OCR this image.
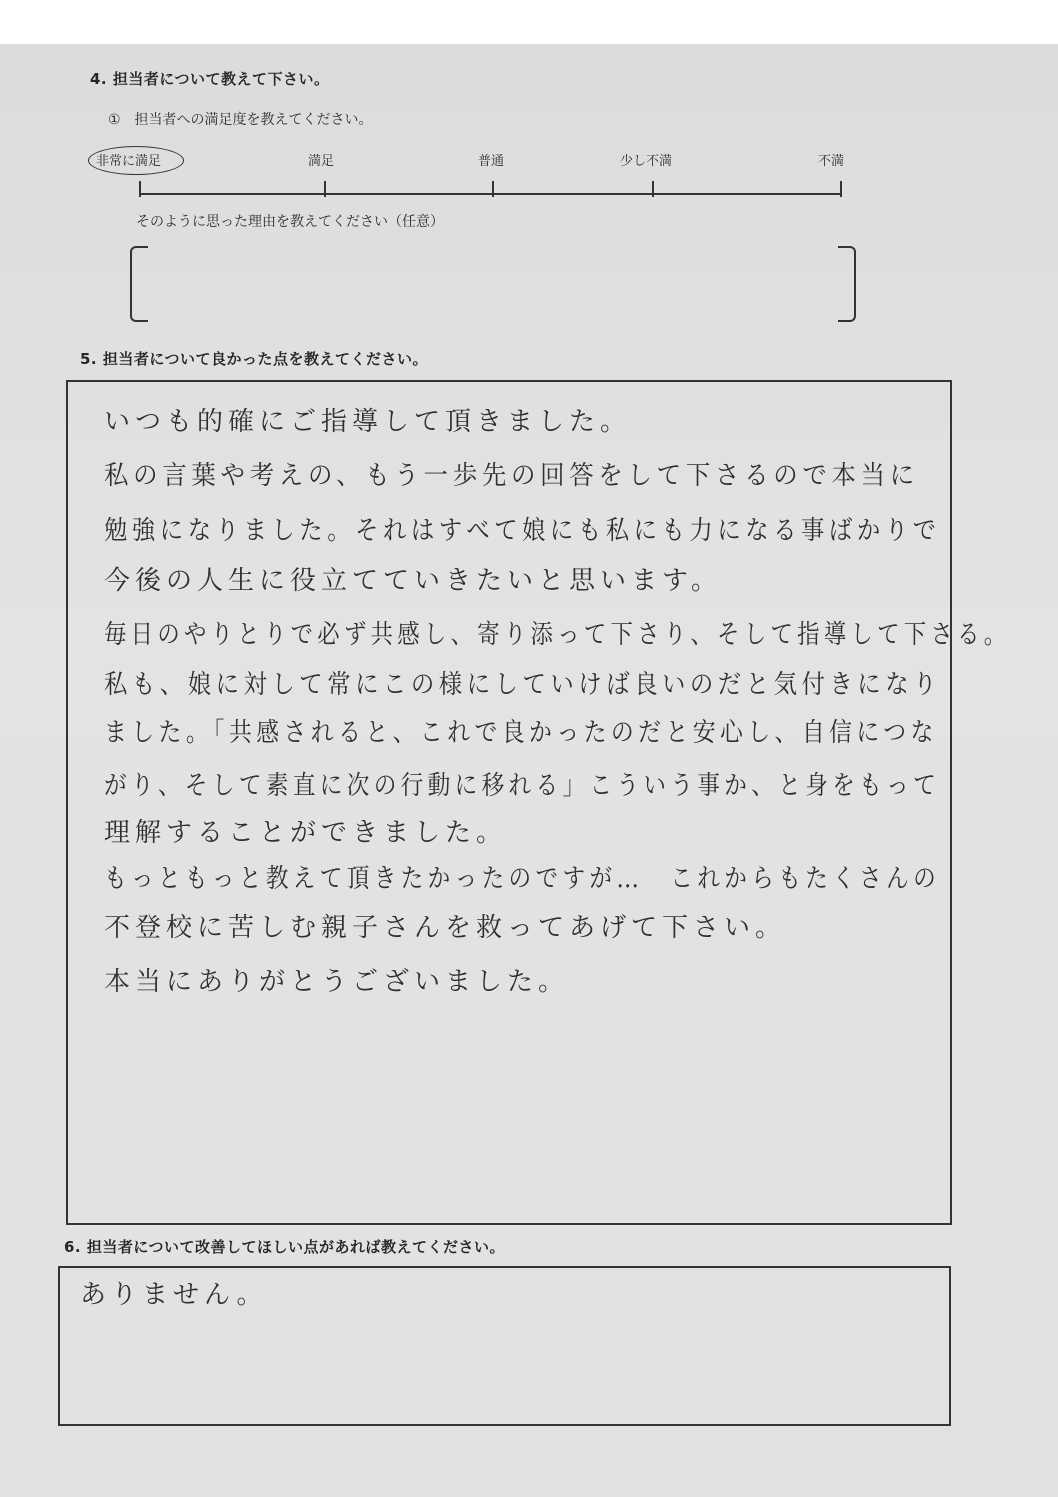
4. 担当者について教えて下さい。
①　担当者への満足度を教えてください。
非常に満足	満足	普通	少し不満	不満
そのように思った理由を教えてください（任意）
5. 担当者について良かった点を教えてください。
いつも的確にご指導して頂きました。
私の言葉や考えの、もう一歩先の回答をして下さるので本当に
勉強になりました。それはすべて娘にも私にも力になる事ばかりで
今後の人生に役立てていきたいと思います。
毎日のやりとりで必ず共感し、寄り添って下さり、そして指導して下さる。
私も、娘に対して常にこの様にしていけば良いのだと気付きになり
ました。「共感されると、これで良かったのだと安心し、自信につな
がり、そして素直に次の行動に移れる」こういう事か、と身をもって
理解することができました。
もっともっと教えて頂きたかったのですが…　これからもたくさんの
不登校に苦しむ親子さんを救ってあげて下さい。
本当にありがとうございました。
6. 担当者について改善してほしい点があれば教えてください。
ありません。
